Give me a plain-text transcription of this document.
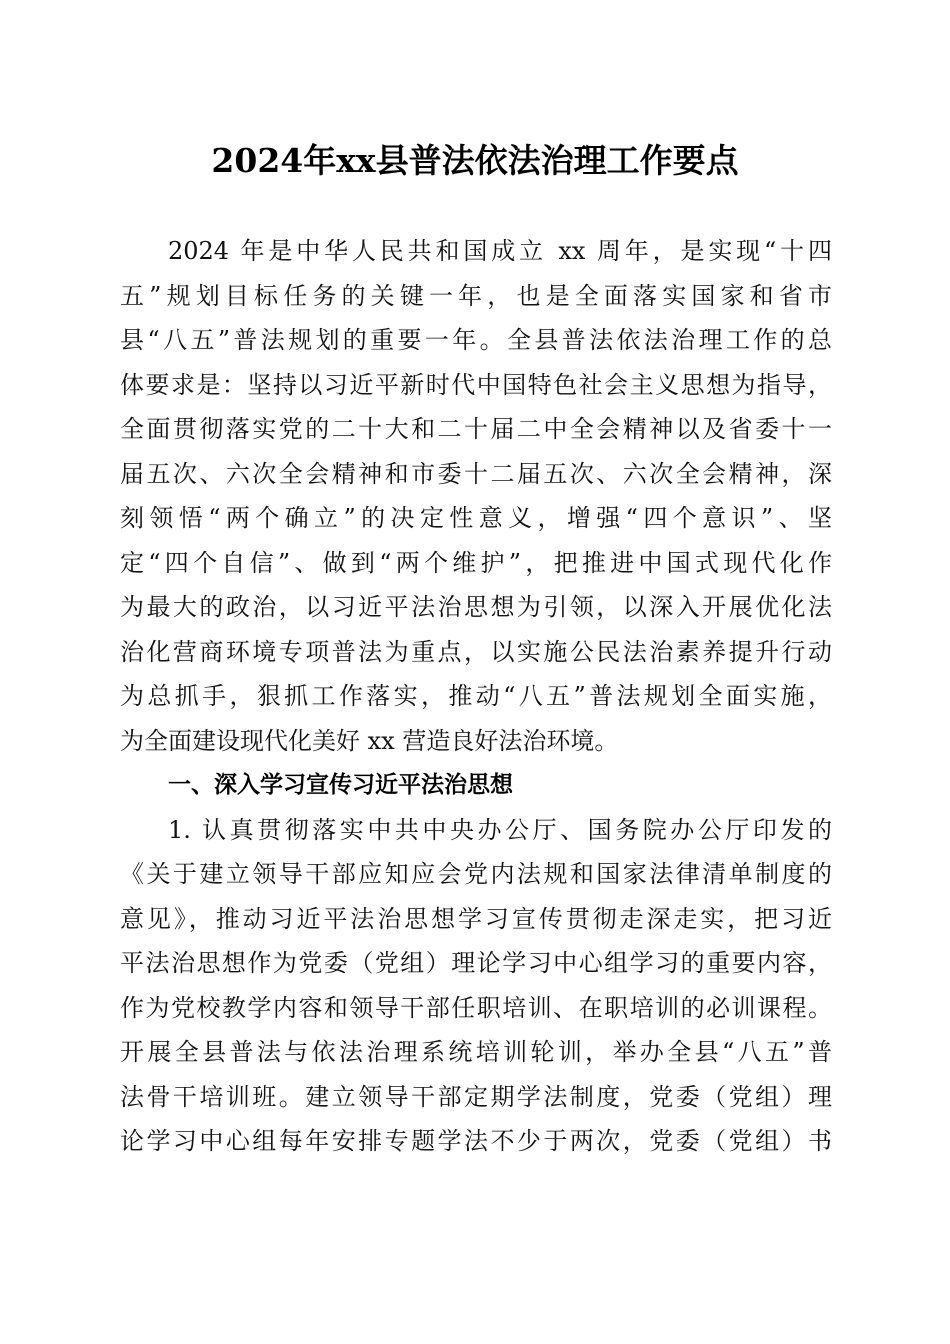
2024年xx县普法依法治理工作要点
2024 年是中华人民共和国成立 xx 周年，是实现“十四
五”规划目标任务的关键一年，也是全面落实国家和省市
县“八五”普法规划的重要一年。全县普法依法治理工作的总
体要求是：坚持以习近平新时代中国特色社会主义思想为指导，
全面贯彻落实党的二十大和二十届二中全会精神以及省委十一
届五次、六次全会精神和市委十二届五次、六次全会精神，深
刻领悟“两个确立”的决定性意义，增强“四个意识”、坚
定“四个自信”、做到“两个维护”，把推进中国式现代化作
为最大的政治，以习近平法治思想为引领，以深入开展优化法
治化营商环境专项普法为重点，以实施公民法治素养提升行动
为总抓手，狠抓工作落实，推动“八五”普法规划全面实施，
为全面建设现代化美好 xx 营造良好法治环境。
一、深入学习宣传习近平法治思想
1. 认真贯彻落实中共中央办公厅、国务院办公厅印发的
《关于建立领导干部应知应会党内法规和国家法律清单制度的
意见》，推动习近平法治思想学习宣传贯彻走深走实，把习近
平法治思想作为党委（党组）理论学习中心组学习的重要内容，
作为党校教学内容和领导干部任职培训、在职培训的必训课程。
开展全县普法与依法治理系统培训轮训，举办全县“八五”普
法骨干培训班。建立领导干部定期学法制度，党委（党组）理
论学习中心组每年安排专题学法不少于两次，党委（党组）书
